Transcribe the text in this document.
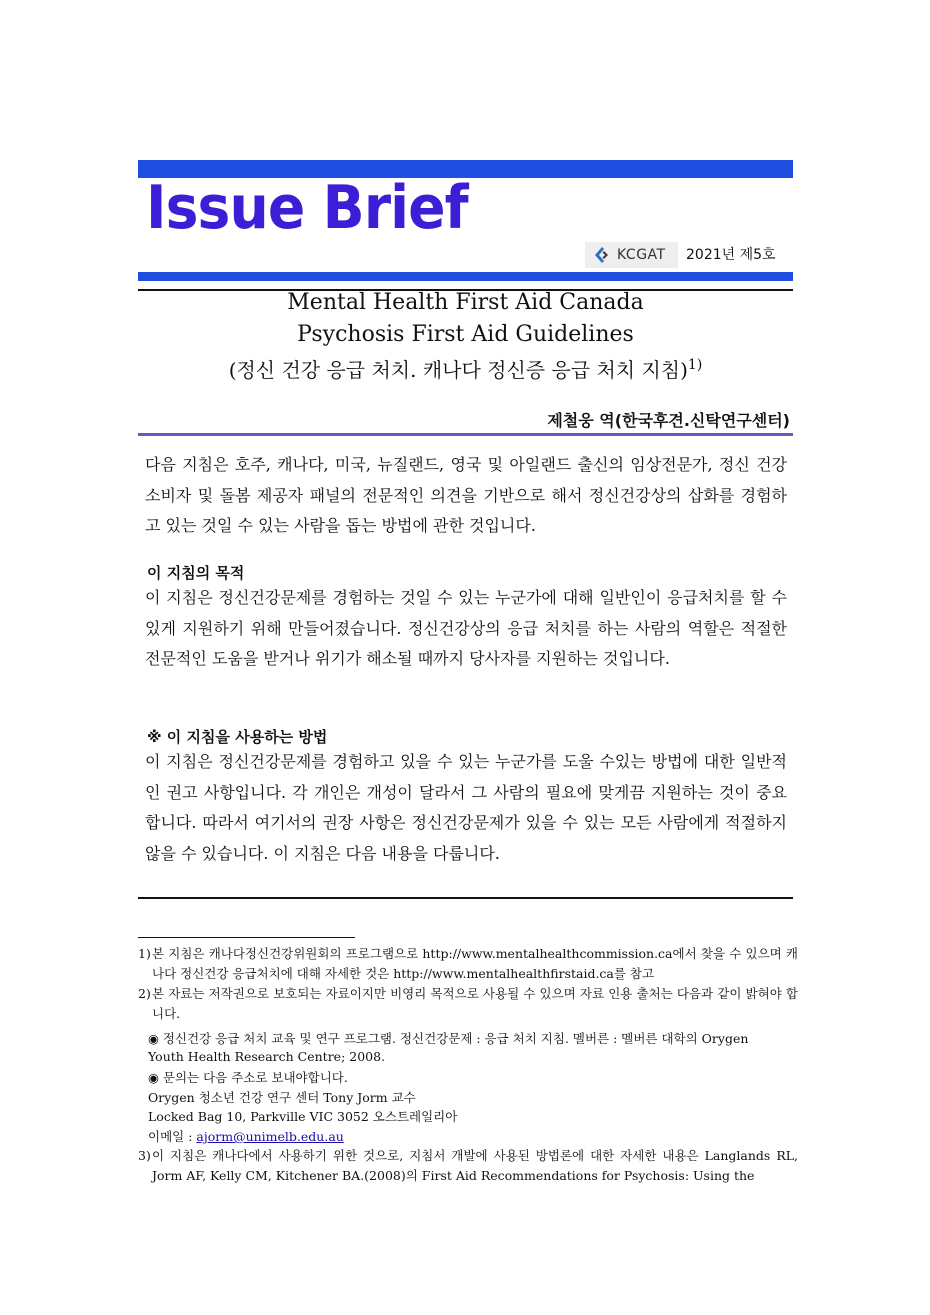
Issue Brief
KCGAT 2021년 제5호
Mental Health First Aid Canada
Psychosis First Aid Guidelines
(정신 건강 응급 처치. 캐나다 정신증 응급 처치 지침)$^{1)}$
제철웅 역(한국후견.신탁연구센터)
다음 지침은 호주, 캐나다, 미국, 뉴질랜드, 영국 및 아일랜드 출신의 임상전문가, 정신 건강 소비자 및 돌봄 제공자 패널의 전문적인 의견을 기반으로 해서 정신건강상의 삽화를 경험하고 있는 것일 수 있는 사람을 돕는 방법에 관한 것입니다.
이 지침의 목적
이 지침은 정신건강문제를 경험하는 것일 수 있는 누군가에 대해 일반인이 응급처치를 할 수 있게 지원하기 위해 만들어졌습니다. 정신건강상의 응급 처치를 하는 사람의 역할은 적절한 전문적인 도움을 받거나 위기가 해소될 때까지 당사자를 지원하는 것입니다.
※ 이 지침을 사용하는 방법
이 지침은 정신건강문제를 경험하고 있을 수 있는 누군가를 도울 수있는 방법에 대한 일반적인 권고 사항입니다. 각 개인은 개성이 달라서 그 사람의 필요에 맞게끔 지원하는 것이 중요합니다. 따라서 여기서의 권장 사항은 정신건강문제가 있을 수 있는 모든 사람에게 적절하지 않을 수 있습니다. 이 지침은 다음 내용을 다룹니다.
1) 본 지침은 캐나다정신건강위원회의 프로그램으로 http://www.mentalhealthcommission.ca에서 찾을 수 있으며 캐나다 정신건강 응급처치에 대해 자세한 것은 http://www.mentalhealthfirstaid.ca를 참고
2) 본 자료는 저작권으로 보호되는 자료이지만 비영리 목적으로 사용될 수 있으며 자료 인용 출처는 다음과 같이 밝혀야 합니다.
◉ 정신건강 응급 처치 교육 및 연구 프로그램. 정신건강문제 : 응급 처치 지침. 멜버른 : 멜버른 대학의 Orygen
Youth Health Research Centre; 2008.
◉ 문의는 다음 주소로 보내야합니다.
Orygen 청소년 건강 연구 센터 Tony Jorm 교수
Locked Bag 10, Parkville VIC 3052 오스트레일리아
이메일 : ajorm@unimelb.edu.au
3) 이 지침은 캐나다에서 사용하기 위한 것으로, 지침서 개발에 사용된 방법론에 대한 자세한 내용은 Langlands RL, Jorm AF, Kelly CM, Kitchener BA.(2008)의 First Aid Recommendations for Psychosis: Using the
